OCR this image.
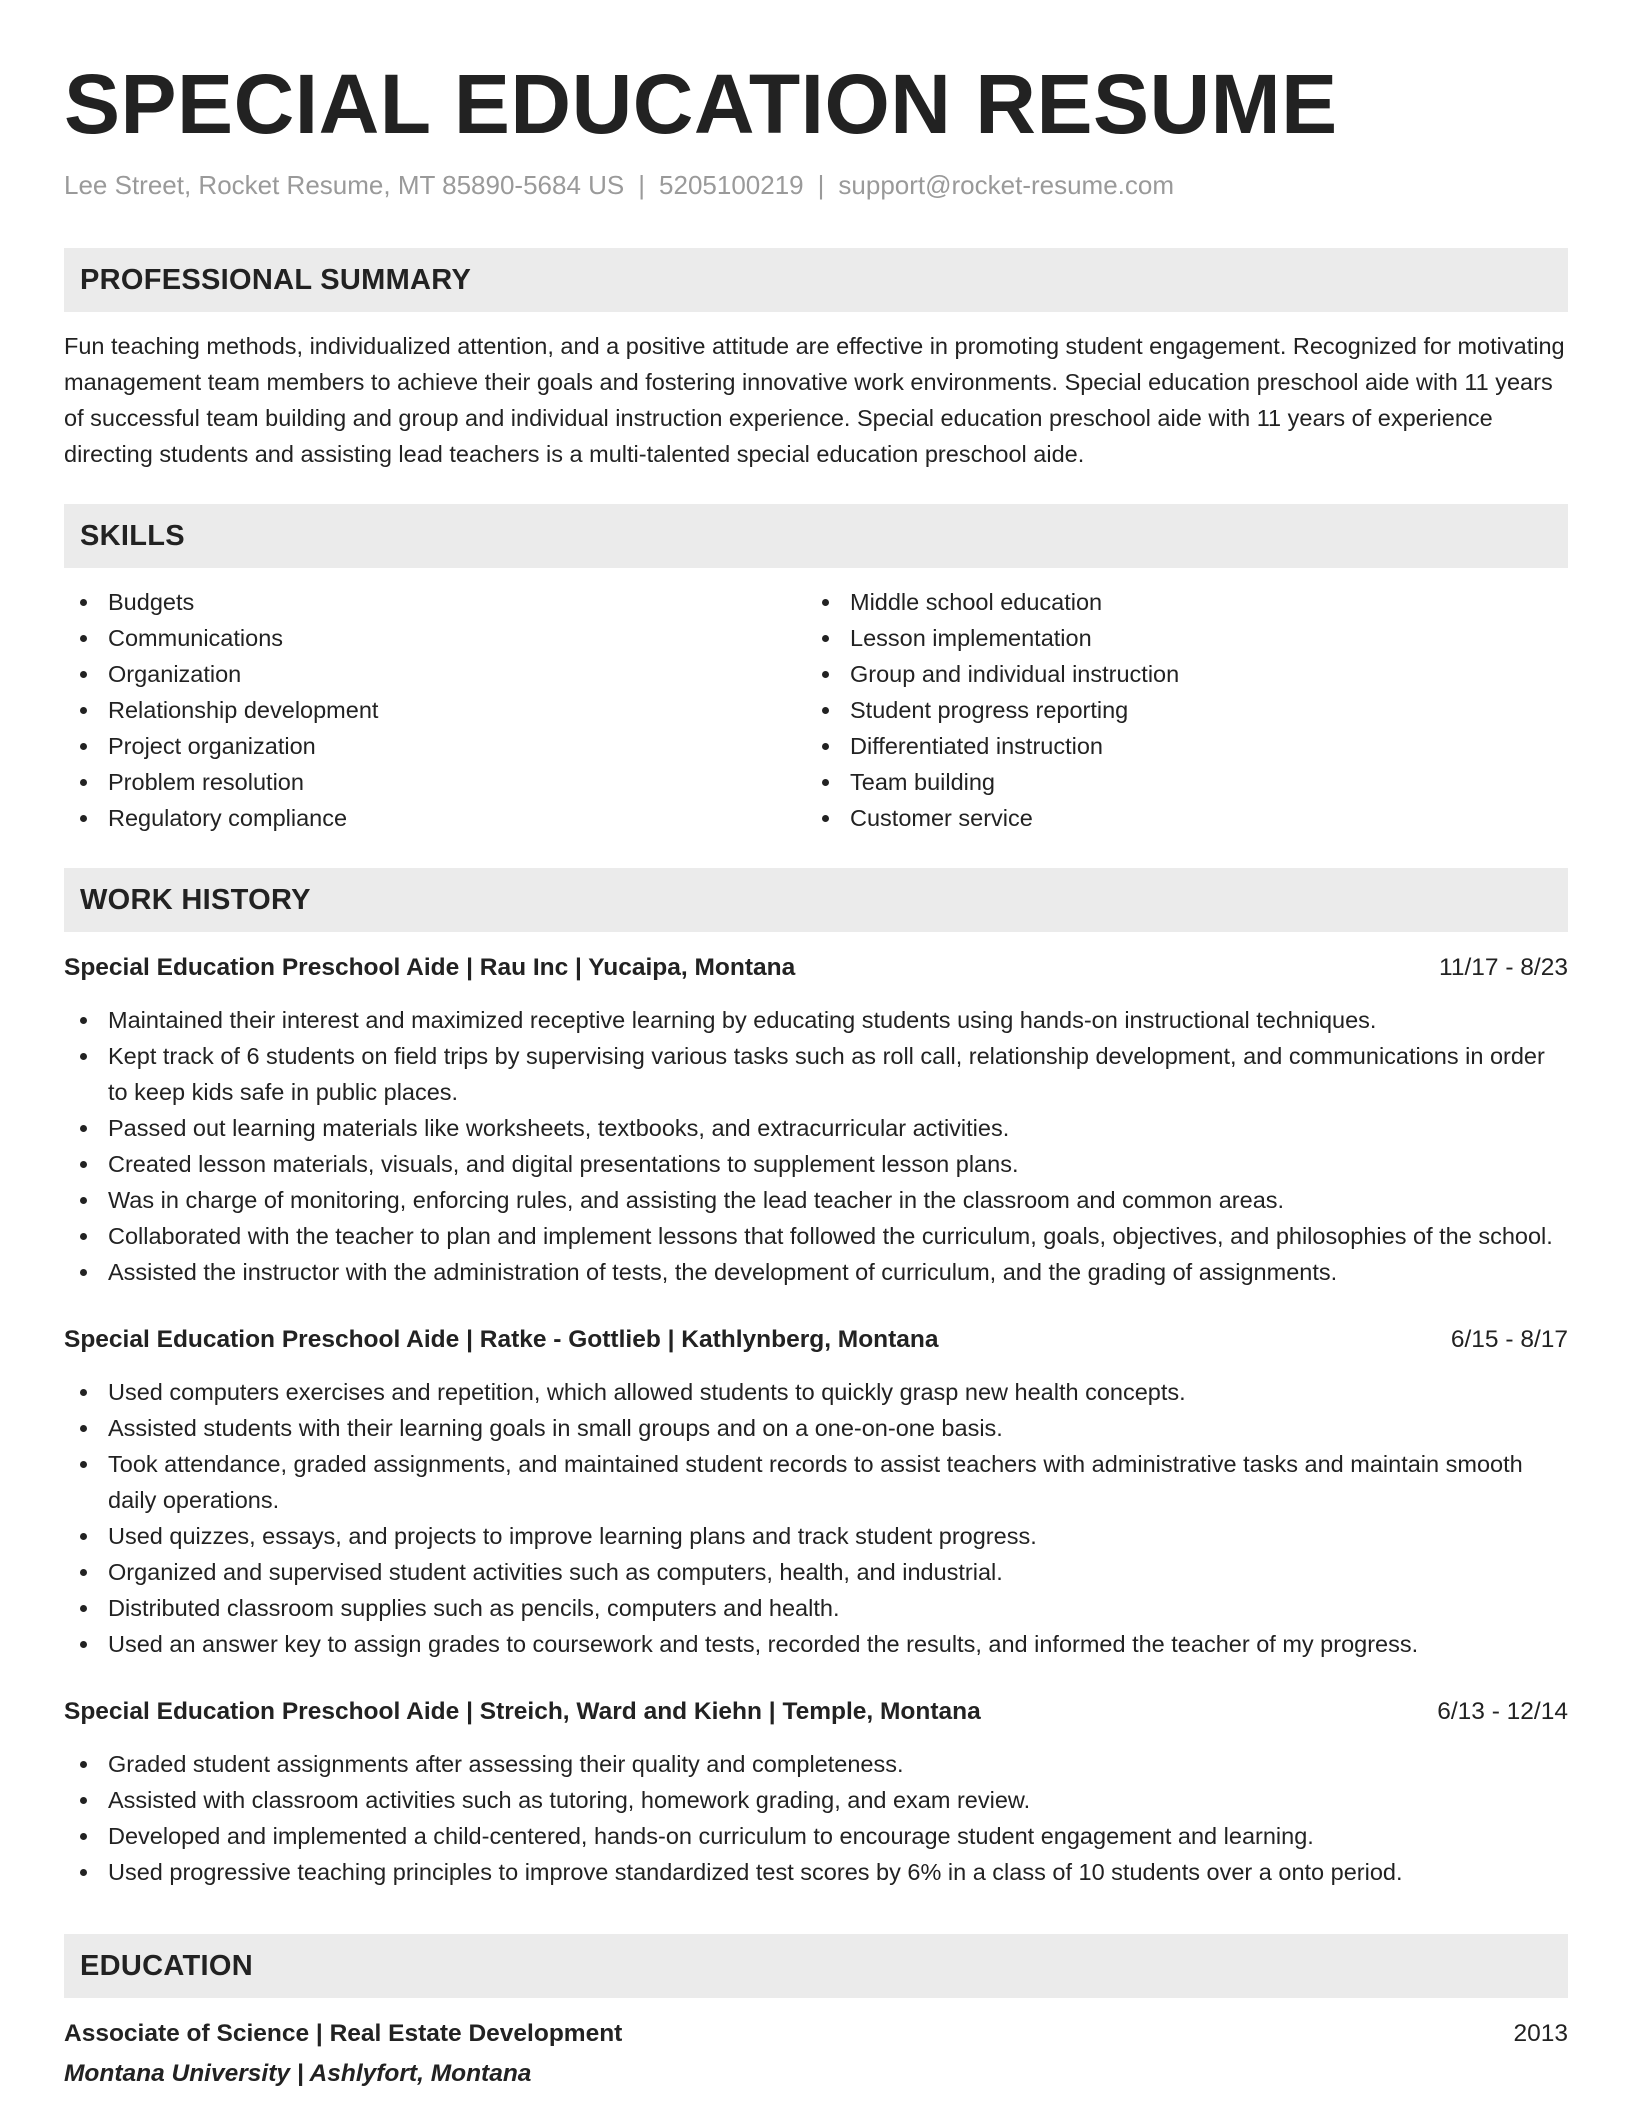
SPECIAL EDUCATION RESUME
Lee Street, Rocket Resume, MT 85890-5684 US | 5205100219 | support@rocket-resume.com
PROFESSIONAL SUMMARY
Fun teaching methods, individualized attention, and a positive attitude are effective in promoting student engagement. Recognized for motivating management team members to achieve their goals and fostering innovative work environments. Special education preschool aide with 11 years of successful team building and group and individual instruction experience. Special education preschool aide with 11 years of experience directing students and assisting lead teachers is a multi-talented special education preschool aide.
SKILLS
Budgets
Communications
Organization
Relationship development
Project organization
Problem resolution
Regulatory compliance
Middle school education
Lesson implementation
Group and individual instruction
Student progress reporting
Differentiated instruction
Team building
Customer service
WORK HISTORY
Special Education Preschool Aide | Rau Inc | Yucaipa, Montana	11/17 - 8/23
Maintained their interest and maximized receptive learning by educating students using hands-on instructional techniques.
Kept track of 6 students on field trips by supervising various tasks such as roll call, relationship development, and communications in order to keep kids safe in public places.
Passed out learning materials like worksheets, textbooks, and extracurricular activities.
Created lesson materials, visuals, and digital presentations to supplement lesson plans.
Was in charge of monitoring, enforcing rules, and assisting the lead teacher in the classroom and common areas.
Collaborated with the teacher to plan and implement lessons that followed the curriculum, goals, objectives, and philosophies of the school.
Assisted the instructor with the administration of tests, the development of curriculum, and the grading of assignments.
Special Education Preschool Aide | Ratke - Gottlieb | Kathlynberg, Montana	6/15 - 8/17
Used computers exercises and repetition, which allowed students to quickly grasp new health concepts.
Assisted students with their learning goals in small groups and on a one-on-one basis.
Took attendance, graded assignments, and maintained student records to assist teachers with administrative tasks and maintain smooth daily operations.
Used quizzes, essays, and projects to improve learning plans and track student progress.
Organized and supervised student activities such as computers, health, and industrial.
Distributed classroom supplies such as pencils, computers and health.
Used an answer key to assign grades to coursework and tests, recorded the results, and informed the teacher of my progress.
Special Education Preschool Aide | Streich, Ward and Kiehn | Temple, Montana	6/13 - 12/14
Graded student assignments after assessing their quality and completeness.
Assisted with classroom activities such as tutoring, homework grading, and exam review.
Developed and implemented a child-centered, hands-on curriculum to encourage student engagement and learning.
Used progressive teaching principles to improve standardized test scores by 6% in a class of 10 students over a onto period.
EDUCATION
Associate of Science | Real Estate Development	2013
Montana University | Ashlyfort, Montana
